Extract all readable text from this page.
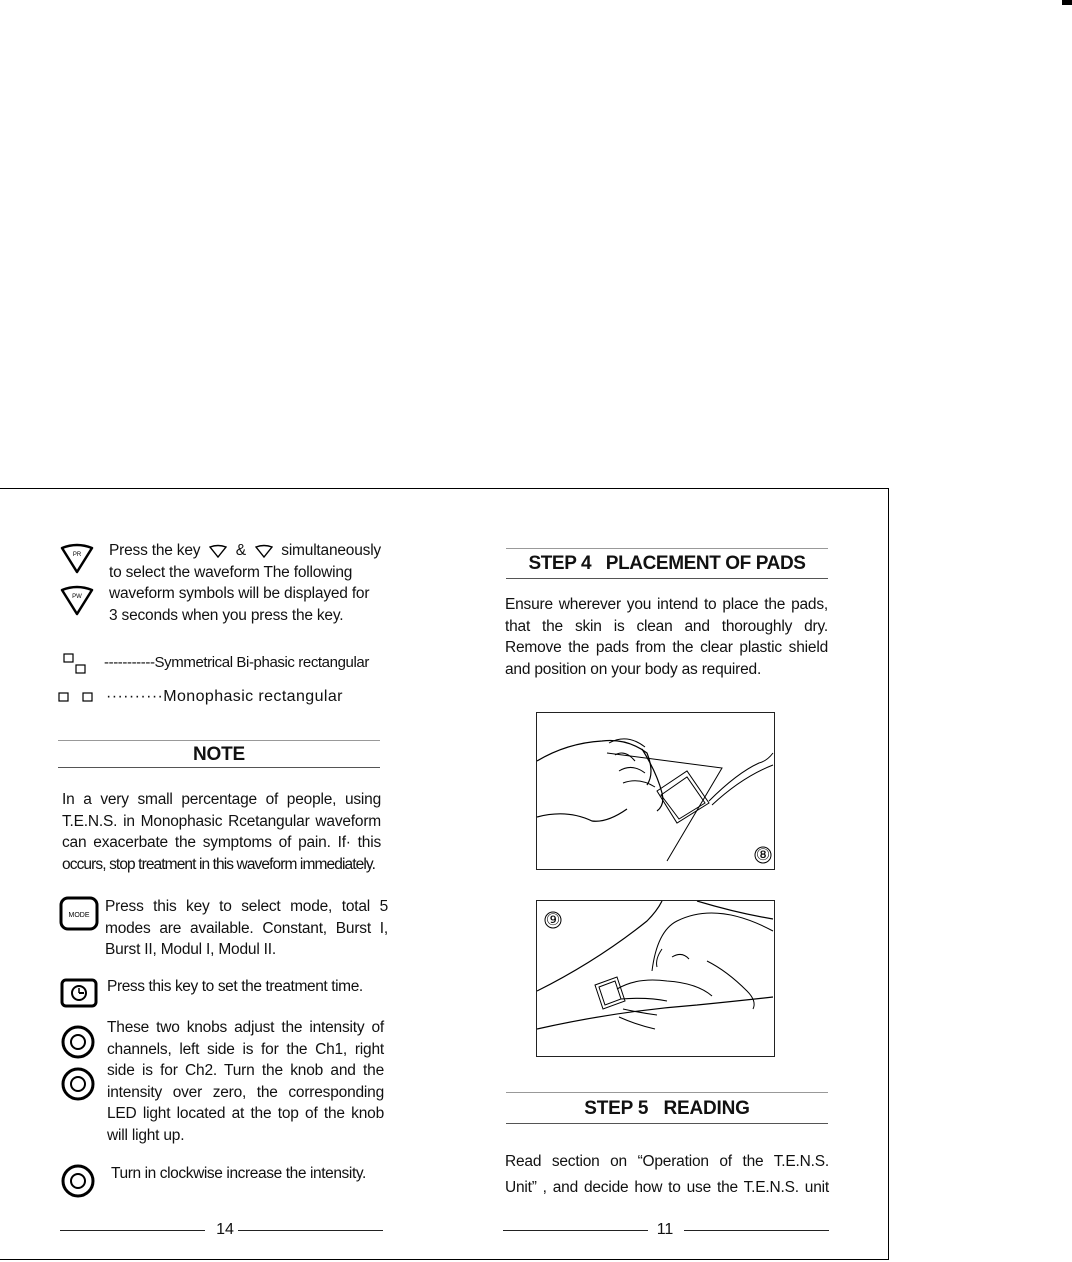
PR
PW
Press the key & simultaneously
to select the waveform The following
waveform symbols will be displayed for
3 seconds when you press the key.
-----------Symmetrical Bi-phasic rectangular
··········Monophasic rectangular
NOTE
In a very small percentage of people, using
T.E.N.S. in Monophasic Rcetangular waveform
can exacerbate the symptoms of pain. If· this
occurs, stop treatment in this waveform immediately.
MODE
Press this key to select mode, total 5
modes are available. Constant, Burst I,
Burst II, Modul I, Modul II.
Press this key to set the treatment time.
These two knobs adjust the intensity of
channels, left side is for the Ch1, right
side is for Ch2. Turn the knob and the
intensity over zero, the corresponding
LED light located at the top of the knob
will light up.
Turn in clockwise increase the intensity.
14
STEP 4   PLACEMENT OF PADS
Ensure wherever you intend to place the pads,
that the skin is clean and thoroughly dry.
Remove the pads from the clear plastic shield
and position on your body as required.
⑧
⑨
STEP 5   READING
Read section on “Operation of the T.E.N.S.
Unit” , and decide how to use the T.E.N.S. unit
11
